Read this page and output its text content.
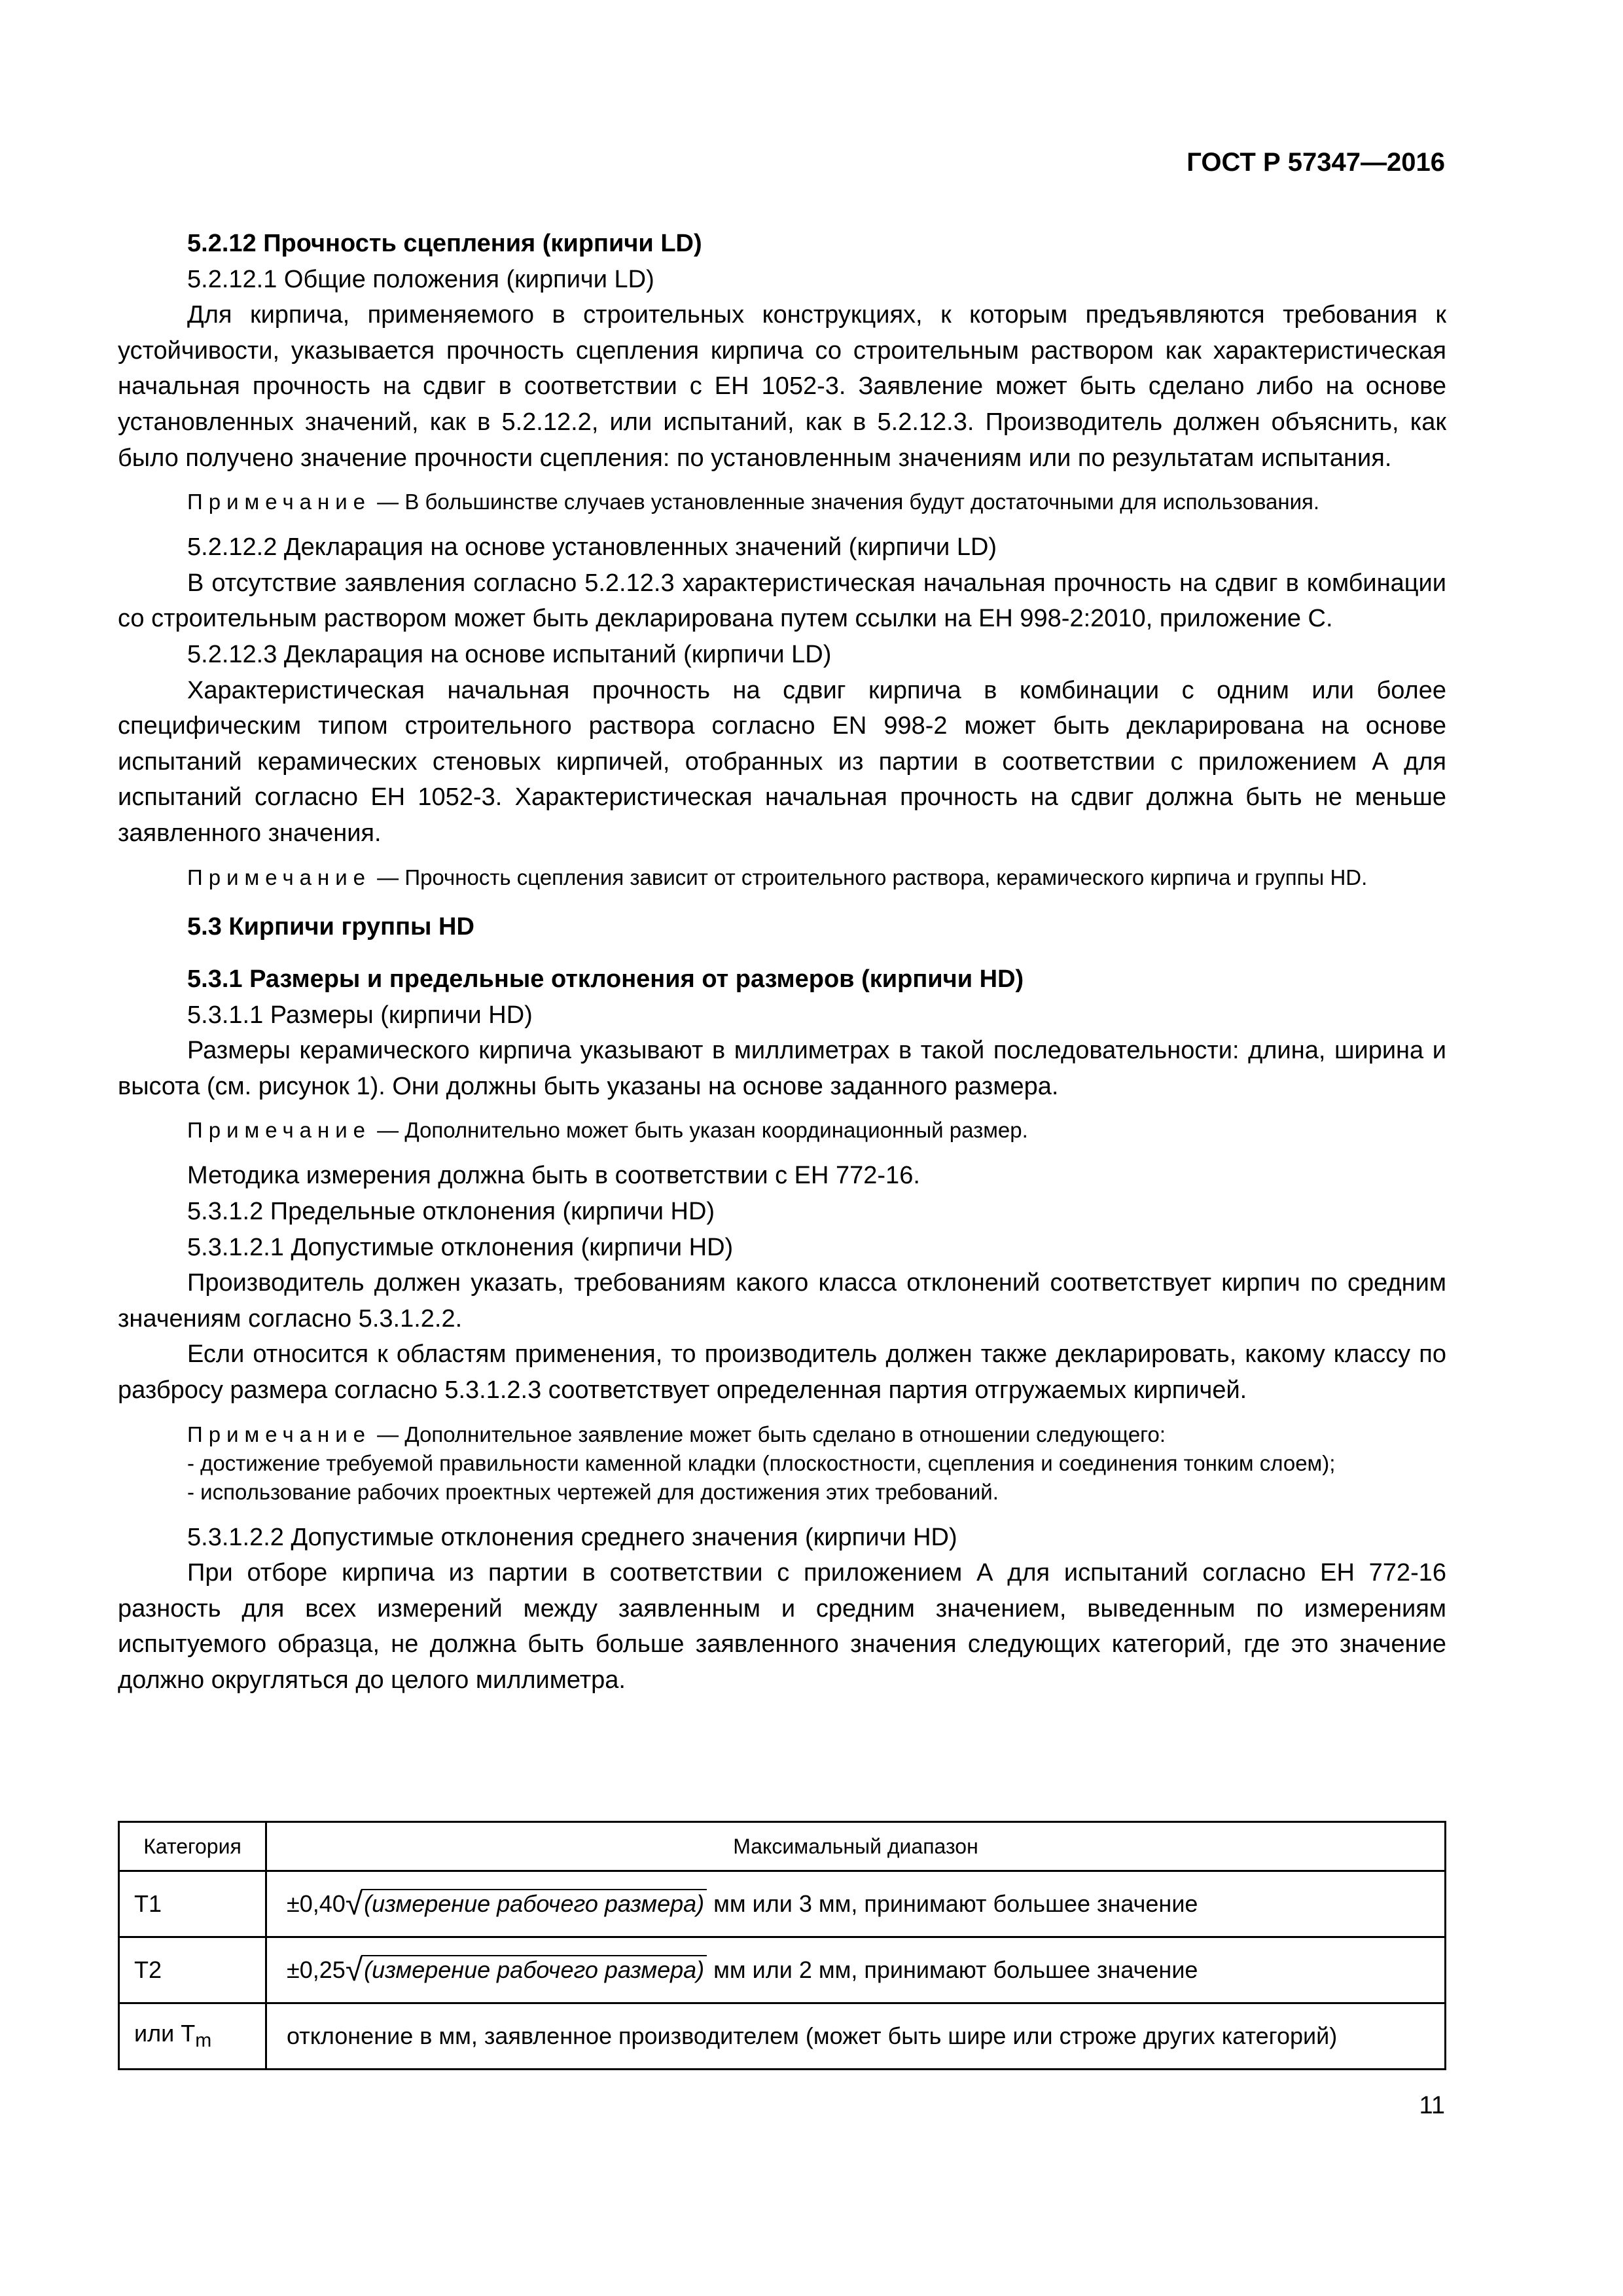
ГОСТ Р 57347—2016

5.2.12 Прочность сцепления (кирпичи LD)

5.2.12.1 Общие положения (кирпичи LD)

Для кирпича, применяемого в строительных конструкциях, к которым предъявляются требования к устойчивости, указывается прочность сцепления кирпича со строительным раствором как характеристическая начальная прочность на сдвиг в соответствии с ЕН 1052-3. Заявление может быть сделано либо на основе установленных значений, как в 5.2.12.2, или испытаний, как в 5.2.12.3. Производитель должен объяснить, как было получено значение прочности сцепления: по установленным значениям или по результатам испытания.

Примечание — В большинстве случаев установленные значения будут достаточными для использования.

5.2.12.2 Декларация на основе установленных значений (кирпичи LD)

В отсутствие заявления согласно 5.2.12.3 характеристическая начальная прочность на сдвиг в комбинации со строительным раствором может быть декларирована путем ссылки на ЕН 998-2:2010, приложение С.

5.2.12.3 Декларация на основе испытаний (кирпичи LD)

Характеристическая начальная прочность на сдвиг кирпича в комбинации с одним или более специфическим типом строительного раствора согласно EN 998-2 может быть декларирована на основе испытаний керамических стеновых кирпичей, отобранных из партии в соответствии с приложением А для испытаний согласно ЕН 1052-3. Характеристическая начальная прочность на сдвиг должна быть не меньше заявленного значения.

Примечание — Прочность сцепления зависит от строительного раствора, керамического кирпича и группы HD.

5.3 Кирпичи группы HD

5.3.1 Размеры и предельные отклонения от размеров (кирпичи HD)

5.3.1.1 Размеры (кирпичи HD)

Размеры керамического кирпича указывают в миллиметрах в такой последовательности: длина, ширина и высота (см. рисунок 1). Они должны быть указаны на основе заданного размера.

Примечание — Дополнительно может быть указан координационный размер.

Методика измерения должна быть в соответствии с ЕН 772-16.

5.3.1.2 Предельные отклонения (кирпичи HD)

5.3.1.2.1 Допустимые отклонения (кирпичи HD)

Производитель должен указать, требованиям какого класса отклонений соответствует кирпич по средним значениям согласно 5.3.1.2.2.

Если относится к областям применения, то производитель должен также декларировать, какому классу по разбросу размера согласно 5.3.1.2.3 соответствует определенная партия отгружаемых кирпичей.

Примечание — Дополнительное заявление может быть сделано в отношении следующего:

- достижение требуемой правильности каменной кладки (плоскостности, сцепления и соединения тонким слоем);

- использование рабочих проектных чертежей для достижения этих требований.

5.3.1.2.2 Допустимые отклонения среднего значения (кирпичи HD)

При отборе кирпича из партии в соответствии с приложением А для испытаний согласно ЕН 772-16 разность для всех измерений между заявленным и средним значением, выведенным по измерениям испытуемого образца, не должна быть больше заявленного значения следующих категорий, где это значение должно округляться до целого миллиметра.

Категория	Максимальный диапазон
T1	±0,40√(измерение рабочего размера) мм или 3 мм, принимают большее значение
T2	±0,25√(измерение рабочего размера) мм или 2 мм, принимают большее значение
или $T_m$	отклонение в мм, заявленное производителем (может быть шире или строже других категорий)
11
